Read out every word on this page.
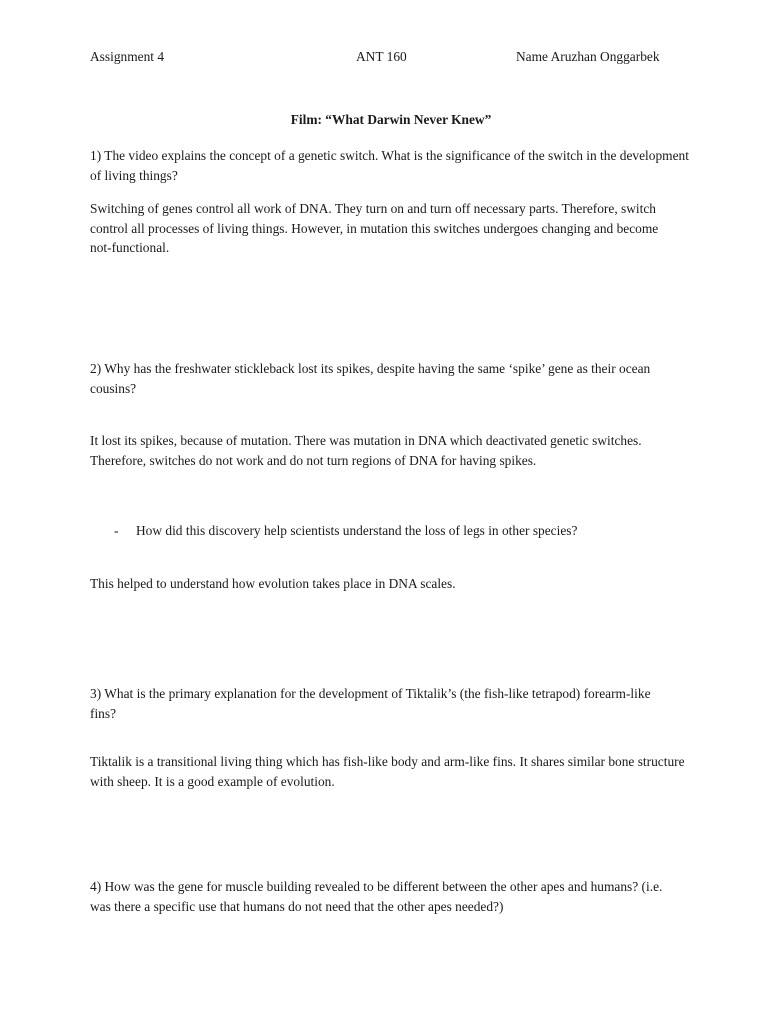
Assignment 4	ANT 160	Name Aruzhan Onggarbek
Film: “What Darwin Never Knew”

1) The video explains the concept of a genetic switch. What is the significance of the switch in the development of living things?

Switching of genes control all work of DNA. They turn on and turn off necessary parts. Therefore, switch control all processes of living things. However, in mutation this switches undergoes changing and become not-functional.

2) Why has the freshwater stickleback lost its spikes, despite having the same ‘spike’ gene as their ocean cousins?

It lost its spikes, because of mutation. There was mutation in DNA which deactivated genetic switches. Therefore, switches do not work and do not turn regions of DNA for having spikes.

- How did this discovery help scientists understand the loss of legs in other species?

This helped to understand how evolution takes place in DNA scales.

3) What is the primary explanation for the development of Tiktalik’s (the fish-like tetrapod) forearm-like fins?

Tiktalik is a transitional living thing which has fish-like body and arm-like fins. It shares similar bone structure with sheep. It is a good example of evolution.

4) How was the gene for muscle building revealed to be different between the other apes and humans? (i.e. was there a specific use that humans do not need that the other apes needed?)
